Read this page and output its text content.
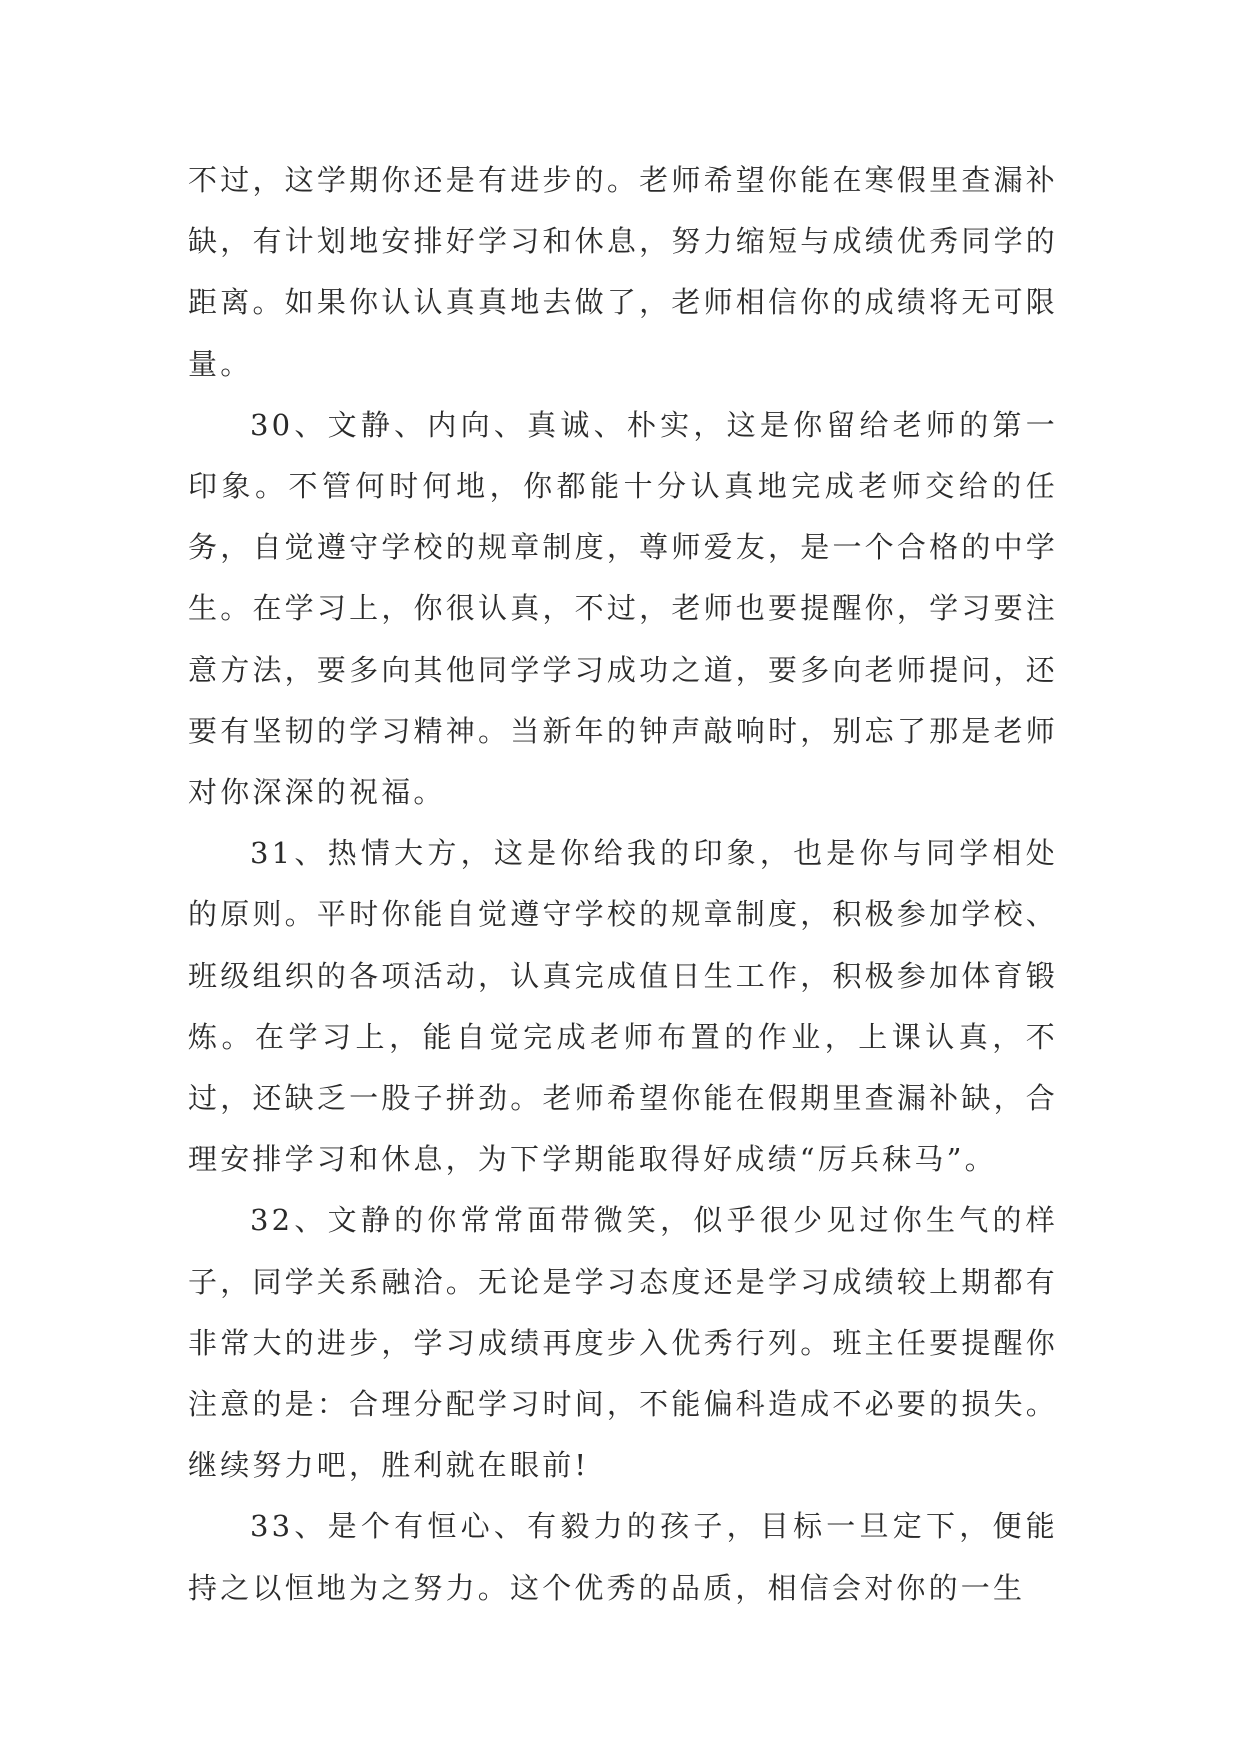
不过，这学期你还是有进步的。老师希望你能在寒假里查漏补缺，有计划地安排好学习和休息，努力缩短与成绩优秀同学的距离。如果你认认真真地去做了，老师相信你的成绩将无可限量。

30、文静、内向、真诚、朴实，这是你留给老师的第一印象。不管何时何地，你都能十分认真地完成老师交给的任务，自觉遵守学校的规章制度，尊师爱友，是一个合格的中学生。在学习上，你很认真，不过，老师也要提醒你，学习要注意方法，要多向其他同学学习成功之道，要多向老师提问，还要有坚韧的学习精神。当新年的钟声敲响时，别忘了那是老师对你深深的祝福。

31、热情大方，这是你给我的印象，也是你与同学相处的原则。平时你能自觉遵守学校的规章制度，积极参加学校、班级组织的各项活动，认真完成值日生工作，积极参加体育锻炼。在学习上，能自觉完成老师布置的作业，上课认真，不过，还缺乏一股子拼劲。老师希望你能在假期里查漏补缺，合理安排学习和休息，为下学期能取得好成绩“厉兵秣马”。

32、文静的你常常面带微笑，似乎很少见过你生气的样子，同学关系融洽。无论是学习态度还是学习成绩较上期都有非常大的进步，学习成绩再度步入优秀行列。班主任要提醒你注意的是：合理分配学习时间，不能偏科造成不必要的损失。继续努力吧，胜利就在眼前!

33、是个有恒心、有毅力的孩子，目标一旦定下，便能持之以恒地为之努力。这个优秀的品质，相信会对你的一生
